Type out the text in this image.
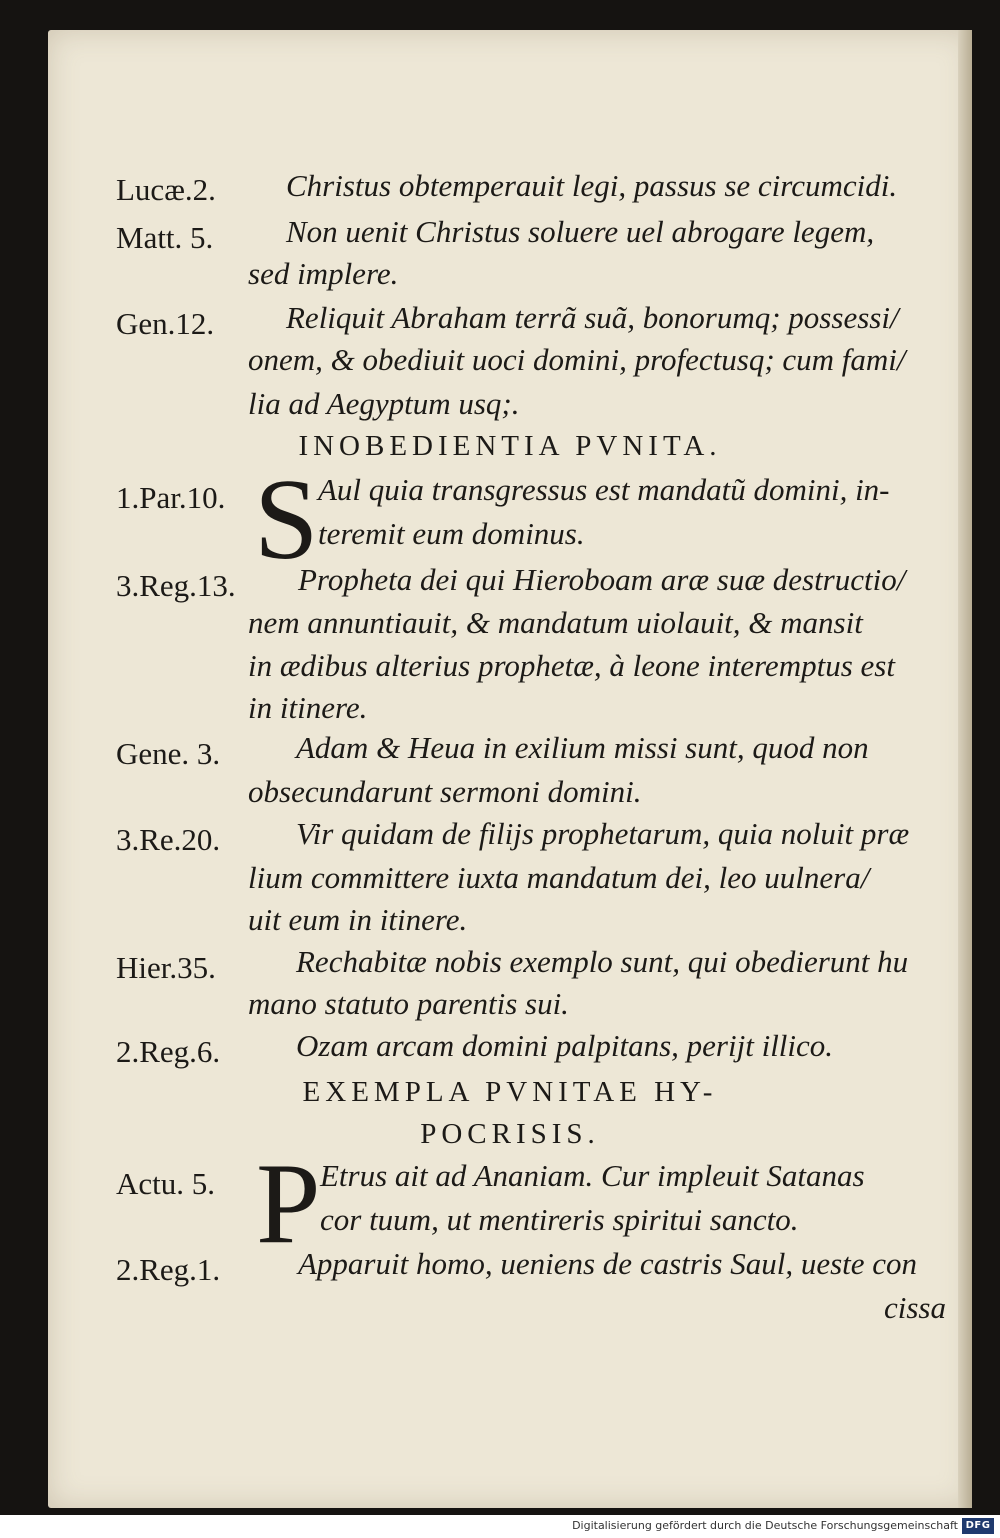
Lucæ.2.	Christus obtemperauit legi, passus se circumcidi.
Matt. 5.	Non uenit Christus soluere uel abrogare legem,
sed implere.
Gen.12.	Reliquit Abraham terrã suã, bonorumq; possessi/
onem, & obediuit uoci domini, profectusq; cum fami/
lia ad Aegyptum usq;.
INOBEDIENTIA PVNITA.
1.Par.10. S Aul quia transgressus est mandatũ domini, in-
teremit eum dominus.
3.Reg.13.	Propheta dei qui Hieroboam aræ suæ destructio/
nem annuntiauit, & mandatum uiolauit, & mansit
in ædibus alterius prophetæ, à leone interemptus est
in itinere.
Gene. 3.	Adam & Heua in exilium missi sunt, quod non
obsecundarunt sermoni domini.
3.Re.20.	Vir quidam de filijs prophetarum, quia noluit præ
lium committere iuxta mandatum dei, leo uulnera/
uit eum in itinere.
Hier.35.	Rechabitæ nobis exemplo sunt, qui obedierunt hu
mano statuto parentis sui.
2.Reg.6.	Ozam arcam domini palpitans, perijt illico.
EXEMPLA PVNITAE HY-
POCRISIS.
Actu. 5. P Etrus ait ad Ananiam. Cur impleuit Satanas
cor tuum, ut mentireris spiritui sancto.
2.Reg.1.	Apparuit homo, ueniens de castris Saul, ueste con
cissa
Digitalisierung gefördert durch die Deutsche Forschungsgemeinschaft DFG
